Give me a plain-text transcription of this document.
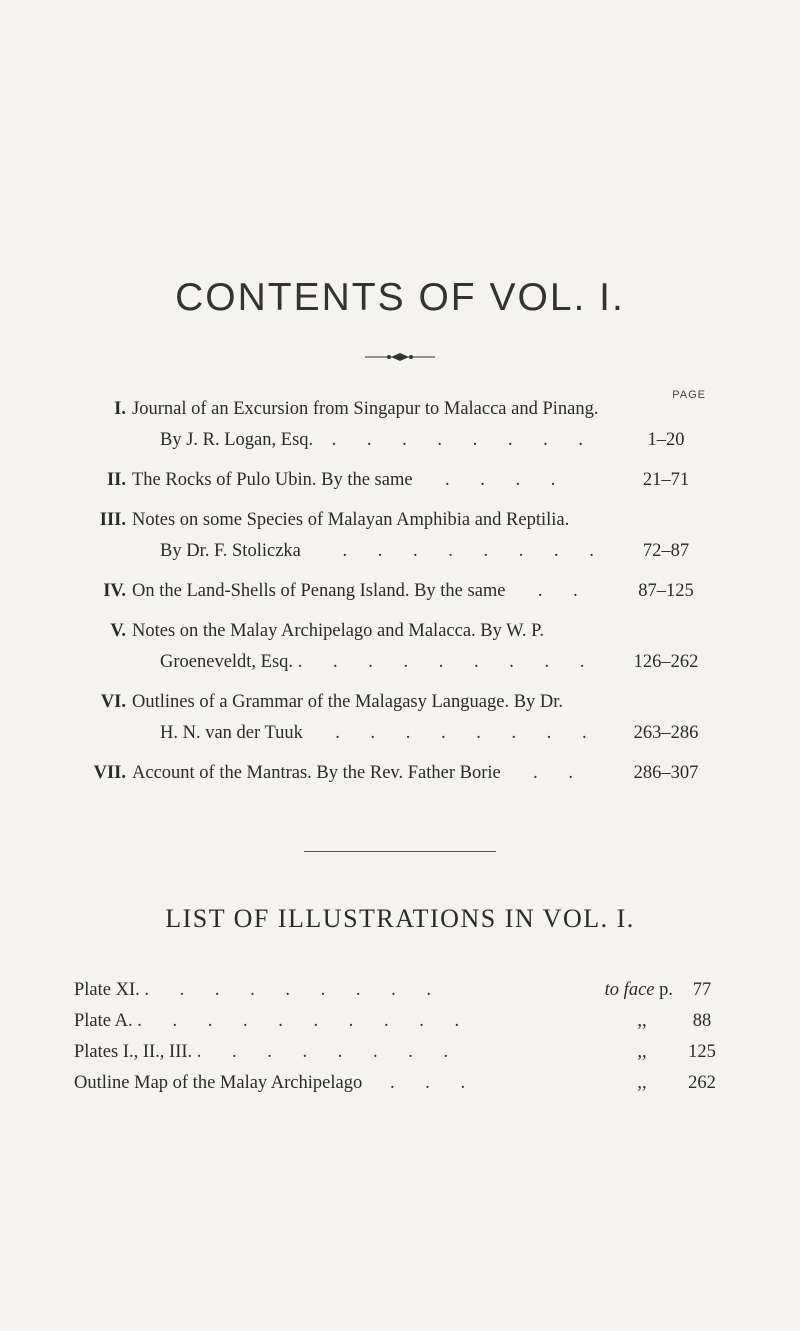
CONTENTS OF VOL. I.
PAGE
I. Journal of an Excursion from Singapur to Malacca and Pinang.
By J. R. Logan, Esq. . . . . . . . .	1–20
II. The Rocks of Pulo Ubin. By the same . . . .	21–71
III. Notes on some Species of Malayan Amphibia and Reptilia.
By Dr. F. Stoliczka . . . . . . . .	72–87
IV. On the Land-Shells of Penang Island. By the same . .	87–125
V. Notes on the Malay Archipelago and Malacca. By W. P.
Groeneveldt, Esq. . . . . . . . . .	126–262
VI. Outlines of a Grammar of the Malagasy Language. By Dr.
H. N. van der Tuuk . . . . . . . .	263–286
VII. Account of the Mantras. By the Rev. Father Borie . .	286–307
LIST OF ILLUSTRATIONS IN VOL. I.
Plate XI. . . . . . . . . .	to face p.	77
Plate A. . . . . . . . . . .	,,	88
Plates I., II., III. . . . . . . . .	,,	125
Outline Map of the Malay Archipelago . . .	,,	262
